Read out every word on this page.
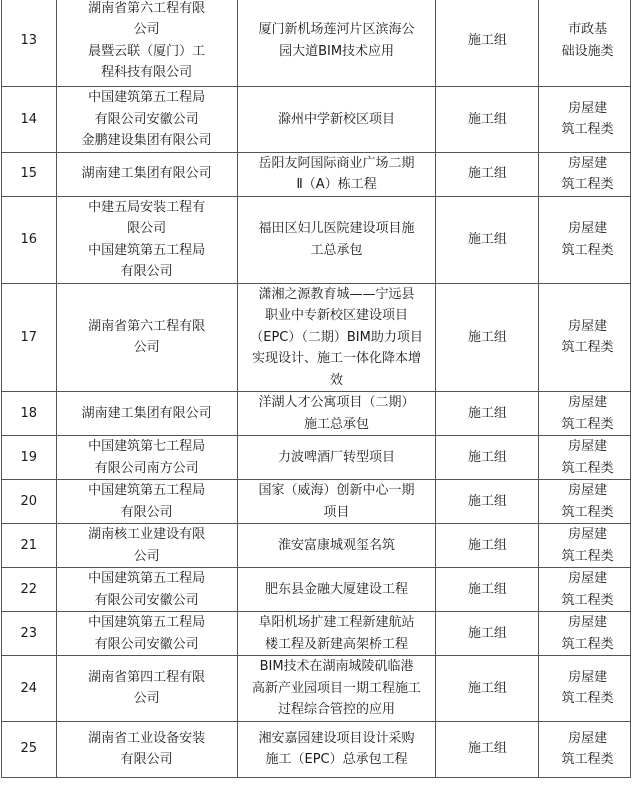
13	湖南省第六工程有限
公司
晨暨云联（厦门）工
程科技有限公司	厦门新机场莲河片区滨海公
园大道BIM技术应用	施工组	市政基
础设施类

14	中国建筑第五工程局
有限公司安徽公司
金鹏建设集团有限公司	滁州中学新校区项目	施工组	房屋建
筑工程类

15	湖南建工集团有限公司	岳阳友阿国际商业广场二期
Ⅱ（A）栋工程	施工组	房屋建
筑工程类

16	中建五局安装工程有
限公司
中国建筑第五工程局
有限公司	福田区妇儿医院建设项目施
工总承包	施工组	房屋建
筑工程类

17	湖南省第六工程有限
公司	潇湘之源教育城——宁远县
职业中专新校区建设项目
（EPC）（二期）BIM助力项目
实现设计、施工一体化降本增
效	施工组	房屋建
筑工程类

18	湖南建工集团有限公司	洋湖人才公寓项目（二期）
施工总承包	施工组	房屋建
筑工程类

19	中国建筑第七工程局
有限公司南方公司	力波啤酒厂转型项目	施工组	房屋建
筑工程类

20	中国建筑第五工程局
有限公司	国家（威海）创新中心一期
项目	施工组	房屋建
筑工程类

21	湖南核工业建设有限
公司	淮安富康城观玺名筑	施工组	房屋建
筑工程类

22	中国建筑第五工程局
有限公司安徽公司	肥东县金融大厦建设工程	施工组	房屋建
筑工程类

23	中国建筑第五工程局
有限公司安徽公司	阜阳机场扩建工程新建航站
楼工程及新建高架桥工程	施工组	房屋建
筑工程类

24	湖南省第四工程有限
公司	BIM技术在湖南城陵矶临港
高新产业园项目一期工程施工
过程综合管控的应用	施工组	房屋建
筑工程类

25	湖南省工业设备安装
有限公司	湘安嘉园建设项目设计采购
施工（EPC）总承包工程	施工组	房屋建
筑工程类
